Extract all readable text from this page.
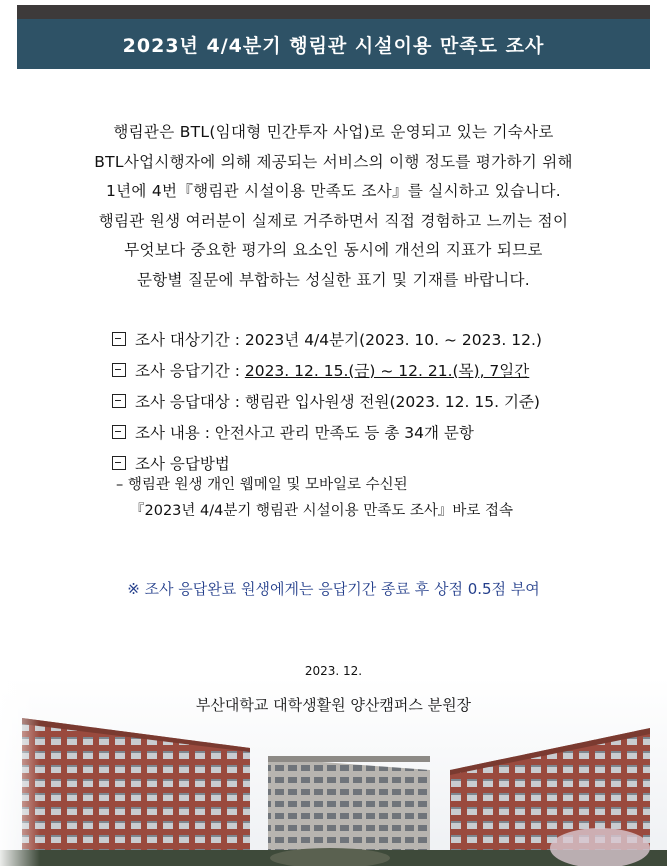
2023년 4/4분기 행림관 시설이용 만족도 조사

행림관은 BTL(임대형 민간투자 사업)로 운영되고 있는 기숙사로

BTL사업시행자에 의해 제공되는 서비스의 이행 정도를 평가하기 위해

1년에 4번『행림관 시설이용 만족도 조사』를 실시하고 있습니다.

행림관 원생 여러분이 실제로 거주하면서 직접 경험하고 느끼는 점이

무엇보다 중요한 평가의 요소인 동시에 개선의 지표가 되므로

문항별 질문에 부합하는 성실한 표기 및 기재를 바랍니다.

조사 대상기간 : 2023년 4/4분기(2023. 10. ~ 2023. 12.)
조사 응답기간 : 2023. 12. 15.(금) ~ 12. 21.(목), 7일간
조사 응답대상 : 행림관 입사원생 전원(2023. 12. 15. 기준)
조사 내용 : 안전사고 관리 만족도 등 총 34개 문항
조사 응답방법
– 행림관 원생 개인 웹메일 및 모바일로 수신된
『2023년 4/4분기 행림관 시설이용 만족도 조사』바로 접속
※ 조사 응답완료 원생에게는 응답기간 종료 후 상점 0.5점 부여
2023. 12.
부산대학교 대학생활원 양산캠퍼스 분원장
